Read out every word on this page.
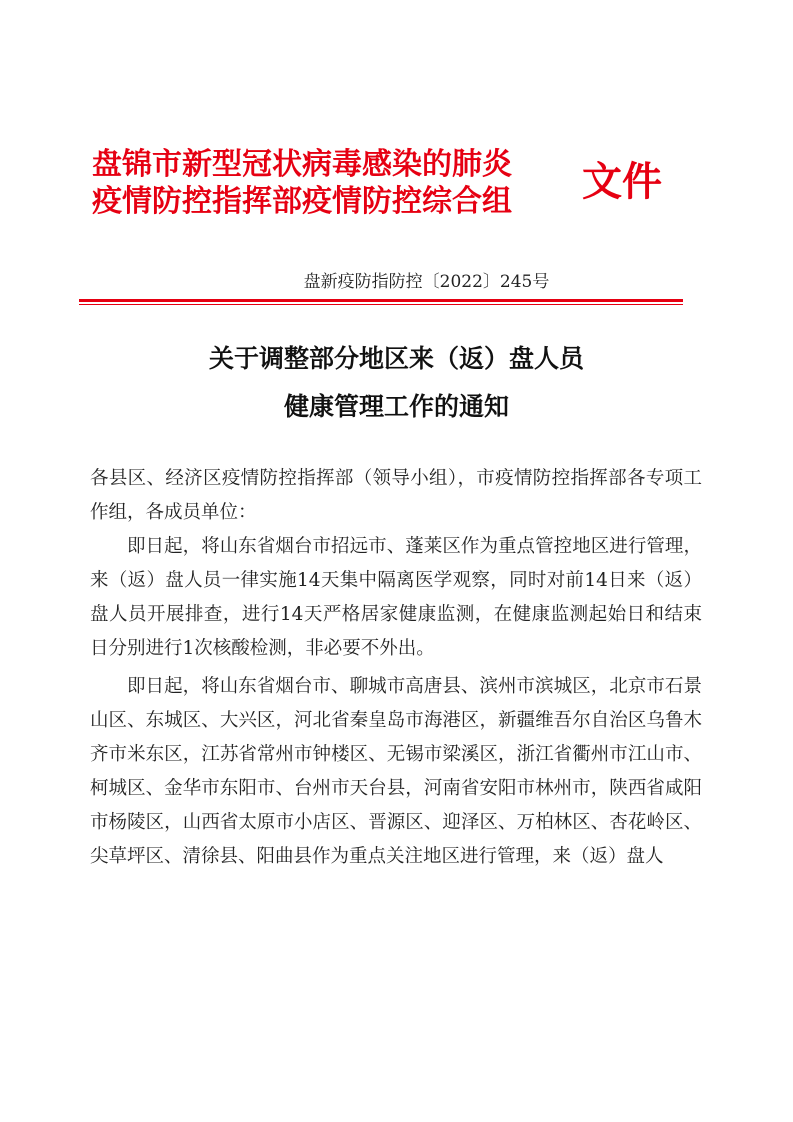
盘锦市新型冠状病毒感染的肺炎
疫情防控指挥部疫情防控综合组	文件
盘新疫防指防控〔2022〕245号
关于调整部分地区来（返）盘人员
健康管理工作的通知

各县区、经济区疫情防控指挥部（领导小组），市疫情防控指挥部各专项工作组，各成员单位：

即日起，将山东省烟台市招远市、蓬莱区作为重点管控地区进行管理，来（返）盘人员一律实施14天集中隔离医学观察，同时对前14日来（返）盘人员开展排查，进行14天严格居家健康监测，在健康监测起始日和结束日分别进行1次核酸检测，非必要不外出。

即日起，将山东省烟台市、聊城市高唐县、滨州市滨城区，北京市石景山区、东城区、大兴区，河北省秦皇岛市海港区，新疆维吾尔自治区乌鲁木齐市米东区，江苏省常州市钟楼区、无锡市梁溪区，浙江省衢州市江山市、柯城区、金华市东阳市、台州市天台县，河南省安阳市林州市，陕西省咸阳市杨陵区，山西省太原市小店区、晋源区、迎泽区、万柏林区、杏花岭区、尖草坪区、清徐县、阳曲县作为重点关注地区进行管理，来（返）盘人
